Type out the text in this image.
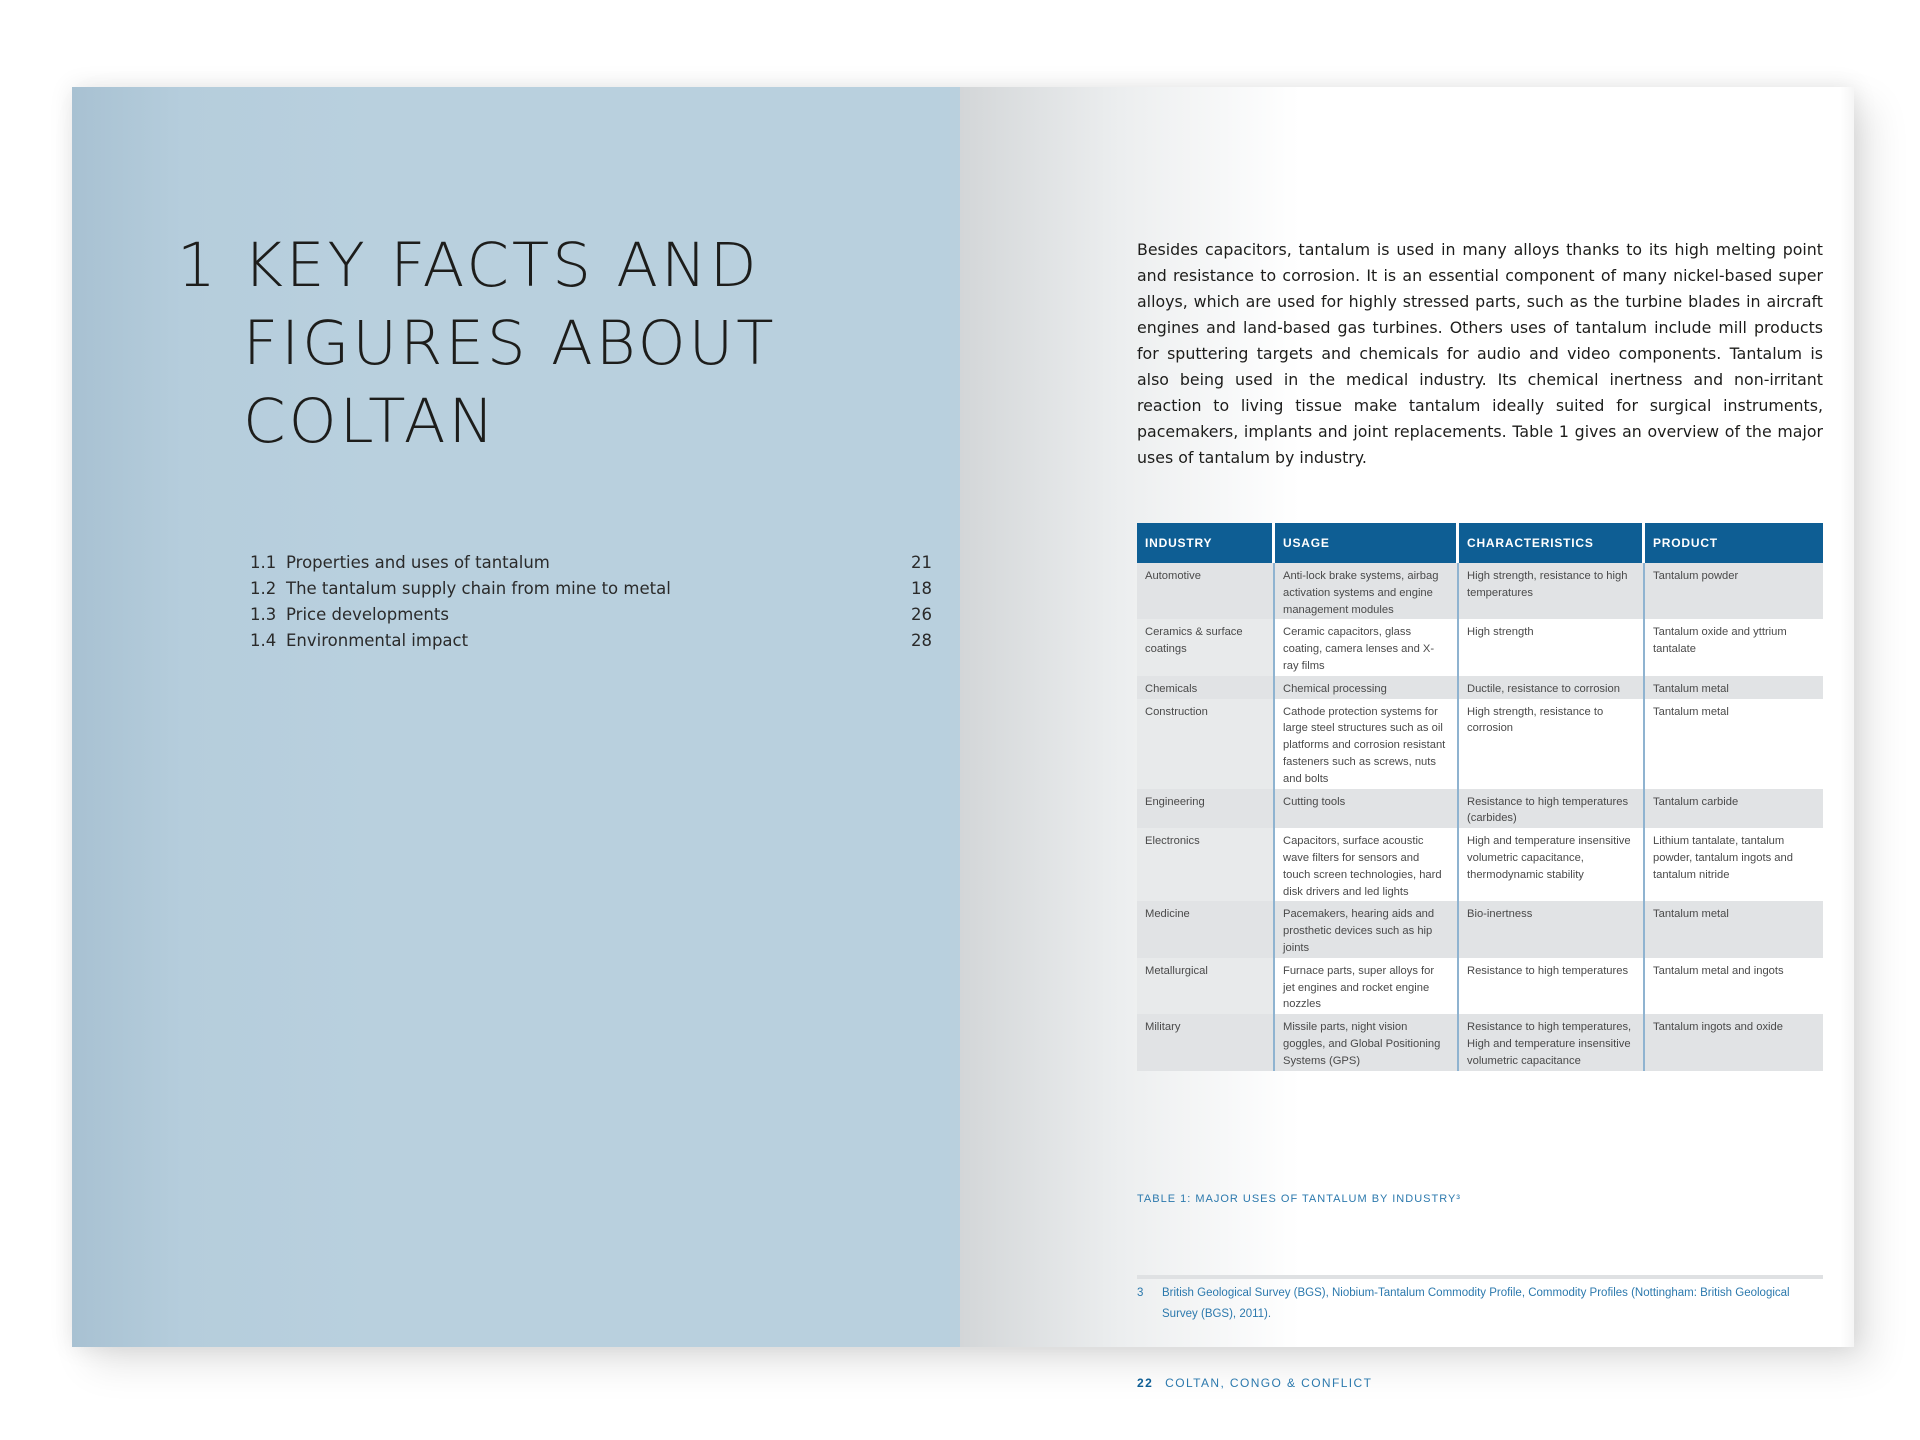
1 KEY FACTS AND
FIGURES ABOUT
COLTAN
1.1 Properties and uses of tantalum	21
1.2 The tantalum supply chain from mine to metal	18
1.3 Price developments	26
1.4 Environmental impact	28

Besides capacitors, tantalum is used in many alloys thanks to its high melting point and resistance to corrosion. It is an essential component of many nickel-based super alloys, which are used for highly stressed parts, such as the turbine blades in aircraft engines and land-based gas turbines. Others uses of tantalum include mill products for sputtering targets and chemicals for audio and video components. Tantalum is also being used in the medical industry. Its chemical inertness and non-irritant reaction to living tissue make tantalum ideally suited for surgical instruments, pacemakers, implants and joint replacements. Table 1 gives an overview of the major uses of tantalum by industry.

INDUSTRY	USAGE	CHARACTERISTICS	PRODUCT
Automotive	Anti-lock brake systems, airbag activation systems and engine management modules	High strength, resistance to high temperatures	Tantalum powder
Ceramics & surface coatings	Ceramic capacitors, glass coating, camera lenses and X- ray films	High strength	Tantalum oxide and yttrium tantalate
Chemicals	Chemical processing	Ductile, resistance to corrosion	Tantalum metal
Construction	Cathode protection systems for large steel structures such as oil platforms and corrosion resistant fasteners such as screws, nuts and bolts	High strength, resistance to corrosion	Tantalum metal
Engineering	Cutting tools	Resistance to high temperatures (carbides)	Tantalum carbide
Electronics	Capacitors, surface acoustic wave filters for sensors and touch screen technologies, hard disk drivers and led lights	High and temperature insensitive volumetric capacitance, thermodynamic stability	Lithium tantalate, tantalum powder, tantalum ingots and tantalum nitride
Medicine	Pacemakers, hearing aids and prosthetic devices such as hip joints	Bio-inertness	Tantalum metal
Metallurgical	Furnace parts, super alloys for jet engines and rocket engine nozzles	Resistance to high temperatures	Tantalum metal and ingots
Military	Missile parts, night vision goggles, and Global Positioning Systems (GPS)	Resistance to high temperatures, High and temperature insensitive volumetric capacitance	Tantalum ingots and oxide
TABLE 1: MAJOR USES OF TANTALUM BY INDUSTRY³
3	British Geological Survey (BGS), Niobium-Tantalum Commodity Profile, Commodity Profiles (Nottingham: British Geological Survey (BGS), 2011).
22 COLTAN, CONGO & CONFLICT
